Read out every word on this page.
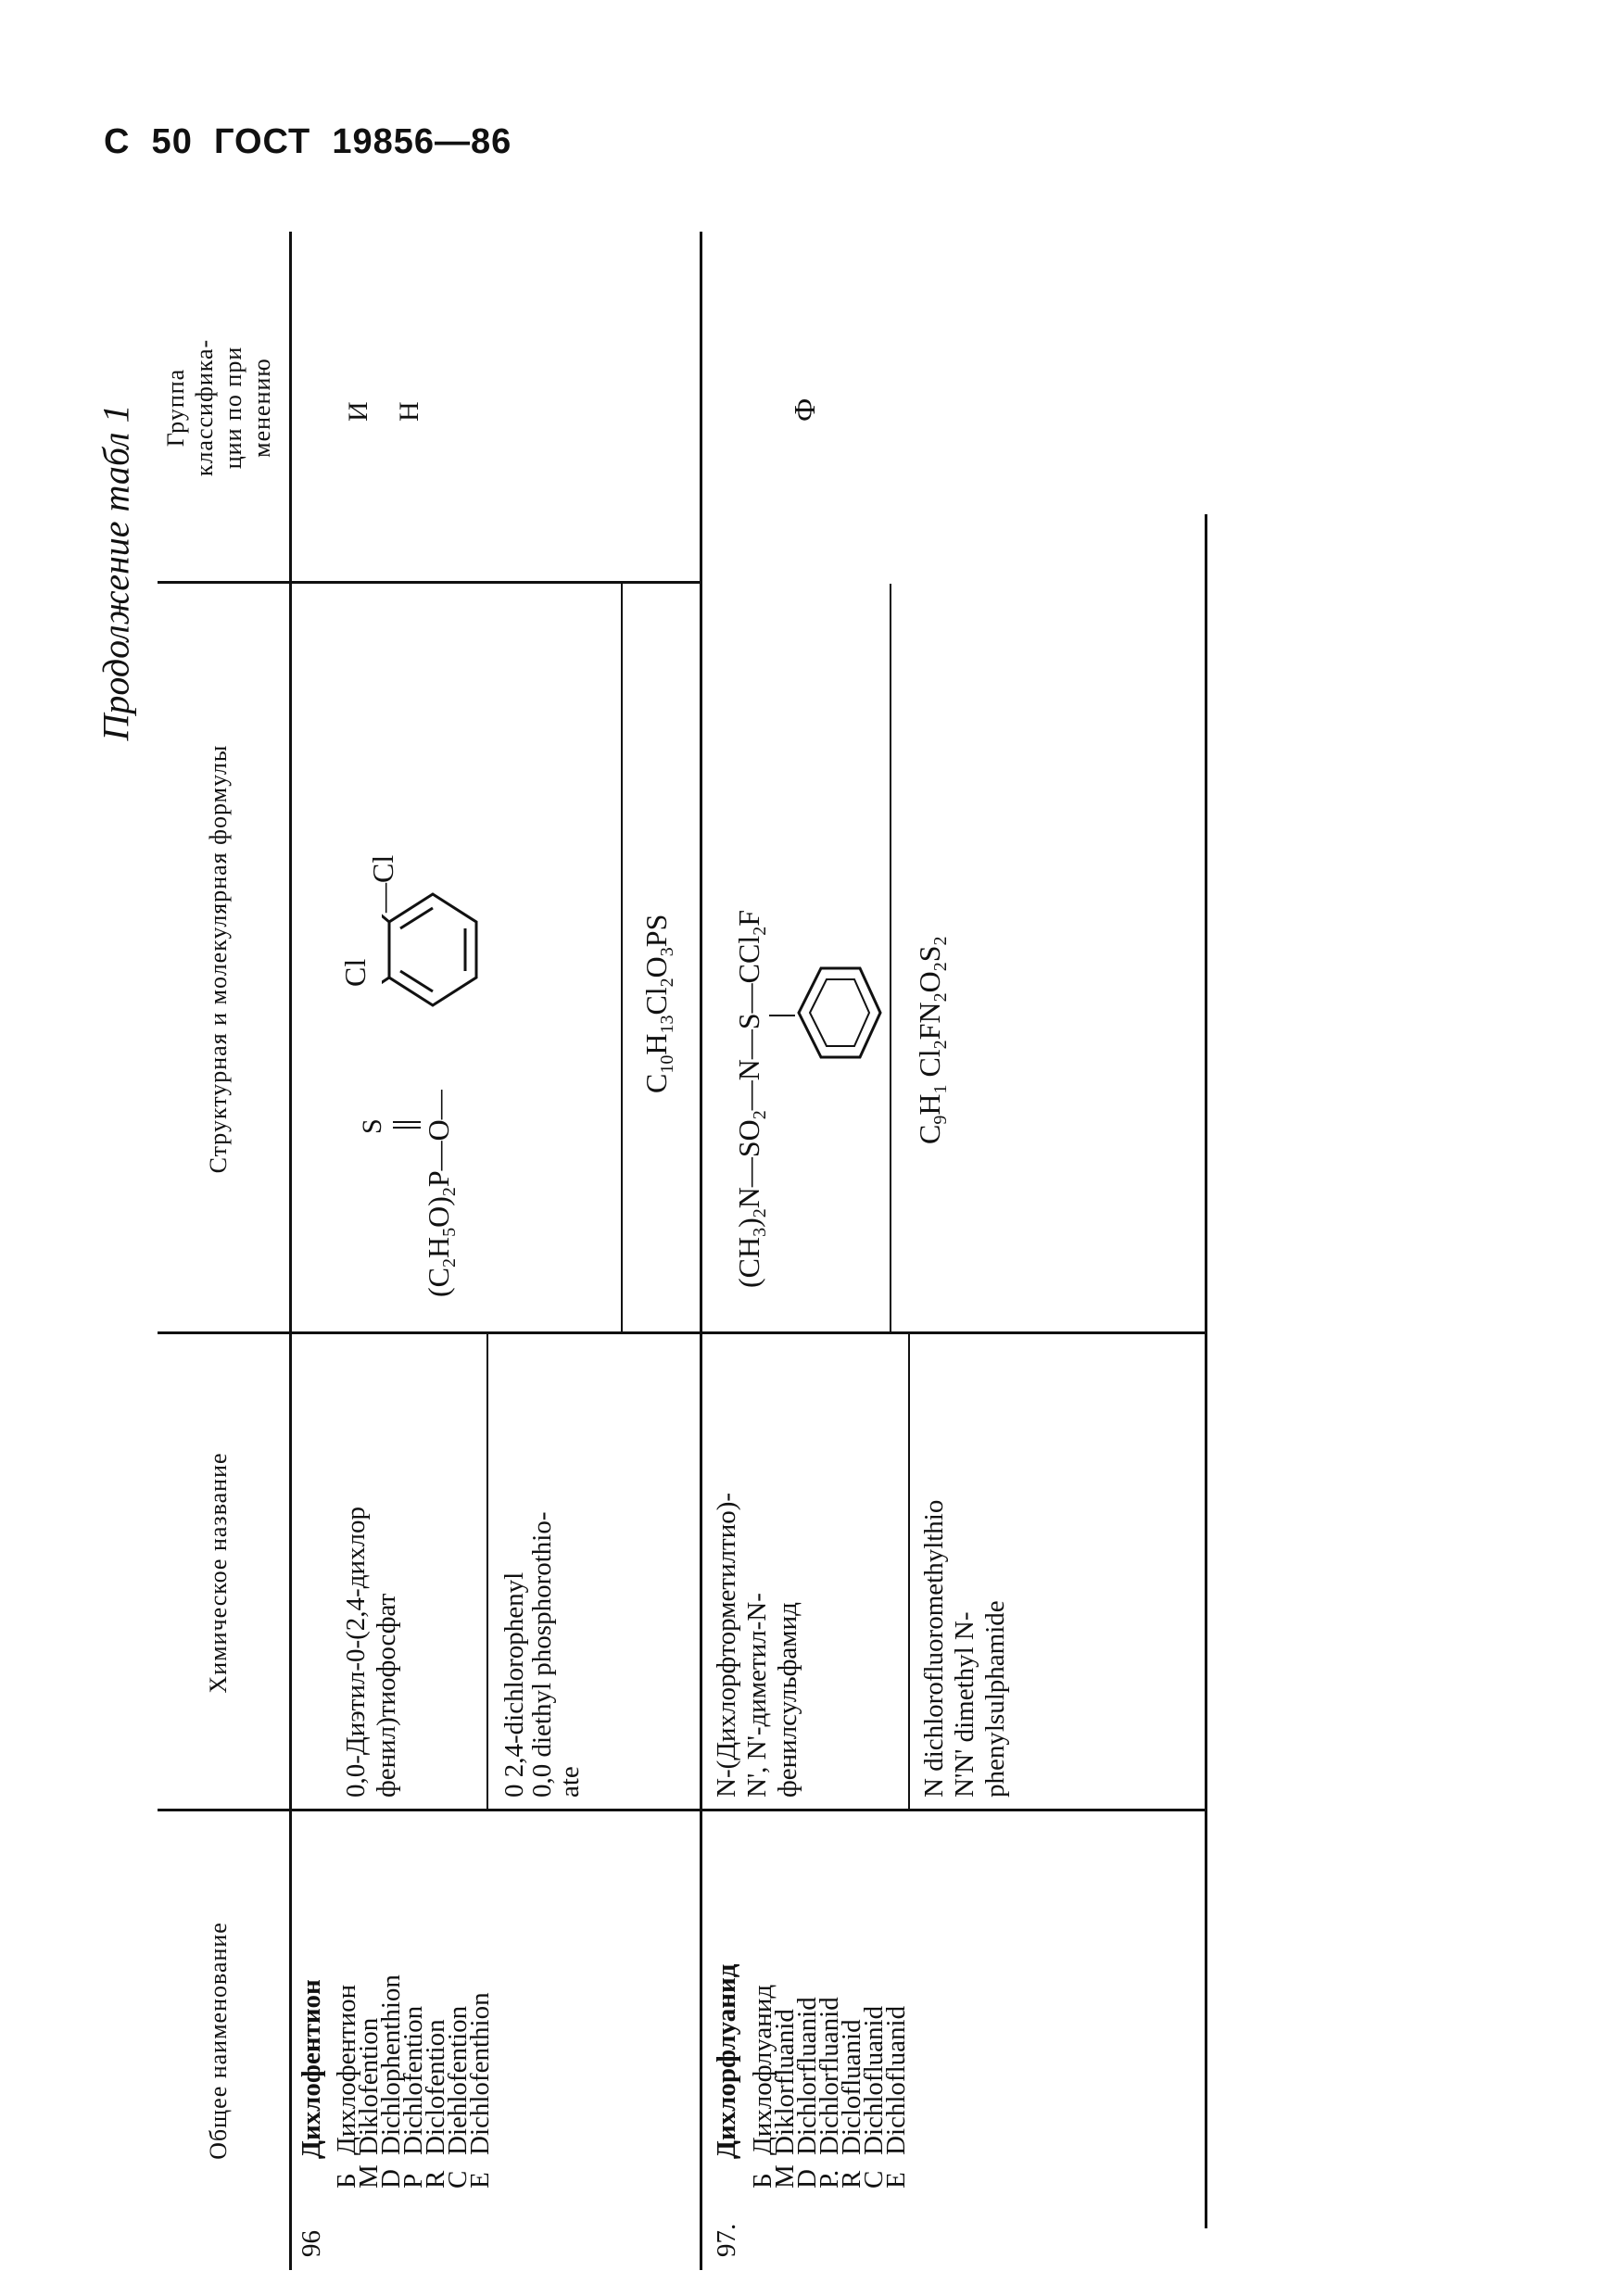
С  50  ГОСТ  19856—86
Продолжение табл 1
Общее наименование
Химическое название
Структурная и молекулярная формулы
Группа классифика- ции по при менению
96
Дихлофентион
Б
Дихлофентион
M
Diklofention
D
Dichlophenthion
P
Dichlofention
R
Diclofention
C
Diehlofention
E
Dichlofenthion
0,0-Диэтил-0-(2,4-дихлор фенил)тиофосфат	0 2,4-dichlorophenyl
0,0 diethyl phosphorothio-
ate
$(C_2H_5O)_2P—O—$
S
Cl
—Cl
$C_{10}H_{13}Cl_2O_3PS$
И Н
97.
Дихлорфлуанид
Б
Дихлофлуанид
M
Diklorfluanid
D
Dichlorfluanid
P.
Dichlorfluanid
R
Diclofluanid
C
Dichlofluanid
E
Dichlofluanid
N-(Дихлорфторметилтио)- N', N'-диметил-N- фенилсульфамид	N dichlorofluoromethylthio N'N' dimethyl N- phenylsulphamide
$(CH_3)_2N—SO_2—N—S—CCl_2F$
$C_9H_1$ $Cl_2FN_2O_2S_2$
Ф
